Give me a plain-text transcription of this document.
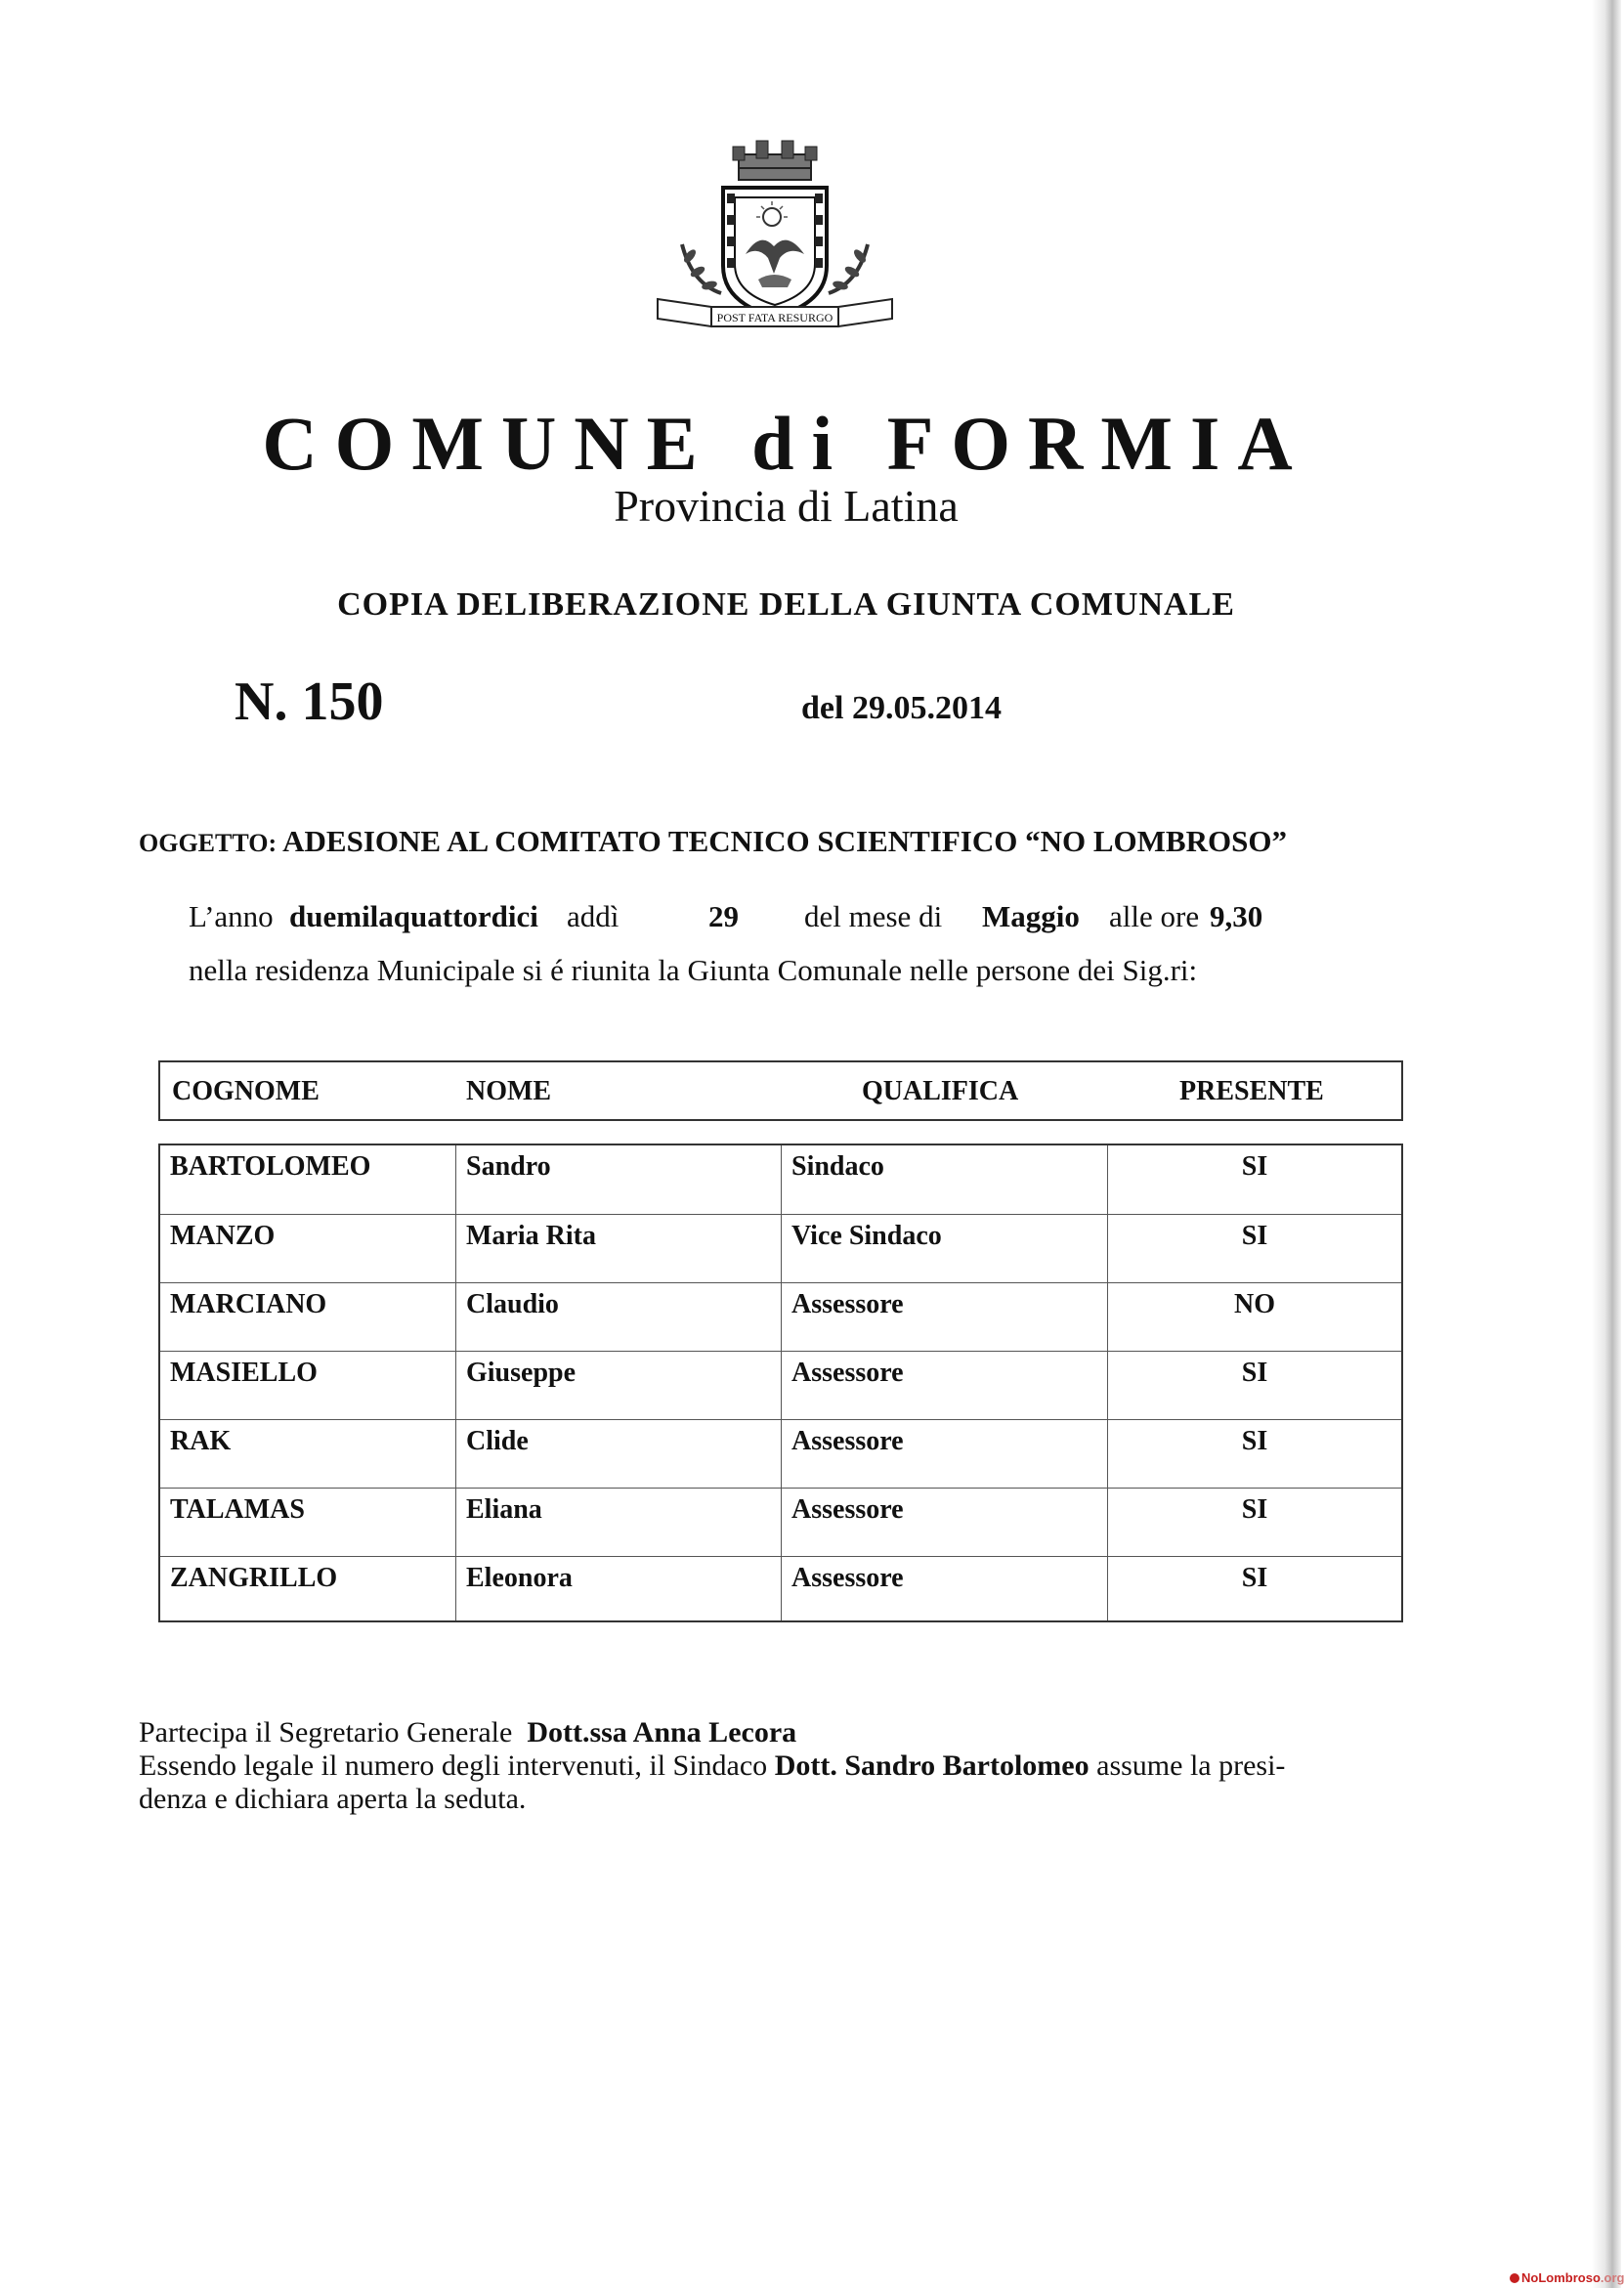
POST FATA RESURGO
COMUNE di FORMIA
Provincia di Latina
COPIA DELIBERAZIONE DELLA GIUNTA COMUNALE
N. 150	del 29.05.2014
OGGETTO: ADESIONE AL COMITATO TECNICO SCIENTIFICO “NO LOMBROSO”
L’anno duemilaquattordici addì	29 del mese di Maggio alle ore 9,30
nella residenza Municipale si é riunita la Giunta Comunale nelle persone dei Sig.ri:
COGNOME	NOME	QUALIFICA	PRESENTE
BARTOLOMEO	Sandro	Sindaco	SI
MANZO	Maria Rita	Vice Sindaco	SI
MARCIANO	Claudio	Assessore	NO
MASIELLO	Giuseppe	Assessore	SI
RAK	Clide	Assessore	SI
TALAMAS	Eliana	Assessore	SI
ZANGRILLO	Eleonora	Assessore	SI
Partecipa il Segretario Generale Dott.ssa Anna Lecora
Essendo legale il numero degli intervenuti, il Sindaco Dott. Sandro Bartolomeo assume la presi-
denza e dichiara aperta la seduta.
NoLombroso.org
